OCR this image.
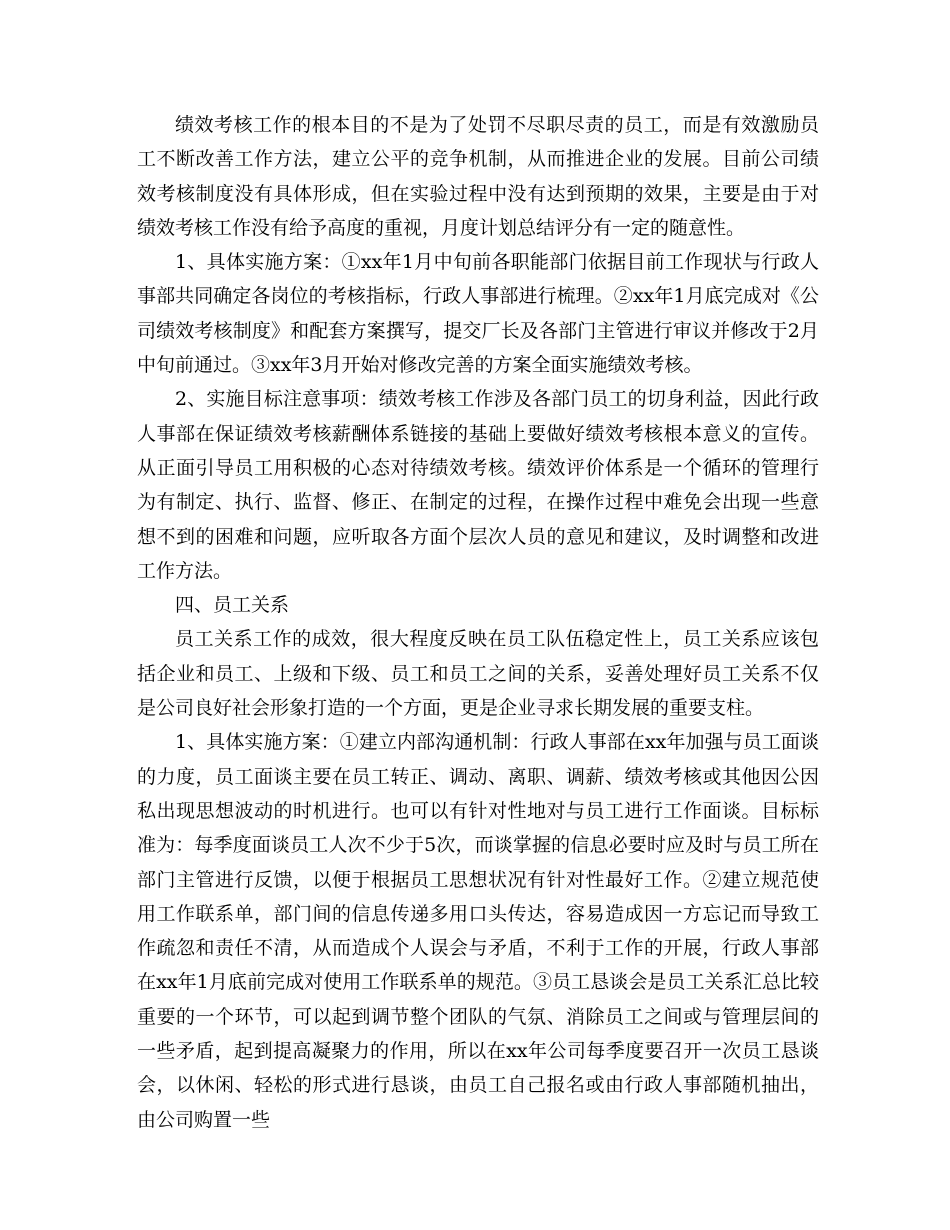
绩效考核工作的根本目的不是为了处罚不尽职尽责的员工，而是有效激励员工不断改善工作方法，建立公平的竞争机制，从而推进企业的发展。目前公司绩效考核制度没有具体形成，但在实验过程中没有达到预期的效果，主要是由于对绩效考核工作没有给予高度的重视，月度计划总结评分有一定的随意性。

1、具体实施方案：①xx年1月中旬前各职能部门依据目前工作现状与行政人事部共同确定各岗位的考核指标，行政人事部进行梳理。②xx年1月底完成对《公司绩效考核制度》和配套方案撰写，提交厂长及各部门主管进行审议并修改于2月中旬前通过。③xx年3月开始对修改完善的方案全面实施绩效考核。

2、实施目标注意事项：绩效考核工作涉及各部门员工的切身利益，因此行政人事部在保证绩效考核薪酬体系链接的基础上要做好绩效考核根本意义的宣传。从正面引导员工用积极的心态对待绩效考核。绩效评价体系是一个循环的管理行为有制定、执行、监督、修正、在制定的过程，在操作过程中难免会出现一些意想不到的困难和问题，应听取各方面个层次人员的意见和建议，及时调整和改进工作方法。

四、员工关系

员工关系工作的成效，很大程度反映在员工队伍稳定性上，员工关系应该包括企业和员工、上级和下级、员工和员工之间的关系，妥善处理好员工关系不仅是公司良好社会形象打造的一个方面，更是企业寻求长期发展的重要支柱。

1、具体实施方案：①建立内部沟通机制：行政人事部在xx年加强与员工面谈的力度，员工面谈主要在员工转正、调动、离职、调薪、绩效考核或其他因公因私出现思想波动的时机进行。也可以有针对性地对与员工进行工作面谈。目标标准为：每季度面谈员工人次不少于5次，而谈掌握的信息必要时应及时与员工所在部门主管进行反馈，以便于根据员工思想状况有针对性最好工作。②建立规范使用工作联系单，部门间的信息传递多用口头传达，容易造成因一方忘记而导致工作疏忽和责任不清，从而造成个人误会与矛盾，不利于工作的开展，行政人事部在xx年1月底前完成对使用工作联系单的规范。③员工恳谈会是员工关系汇总比较重要的一个环节，可以起到调节整个团队的气氛、消除员工之间或与管理层间的一些矛盾，起到提高凝聚力的作用，所以在xx年公司每季度要召开一次员工恳谈会，以休闲、轻松的形式进行恳谈，由员工自己报名或由行政人事部随机抽出，由公司购置一些
